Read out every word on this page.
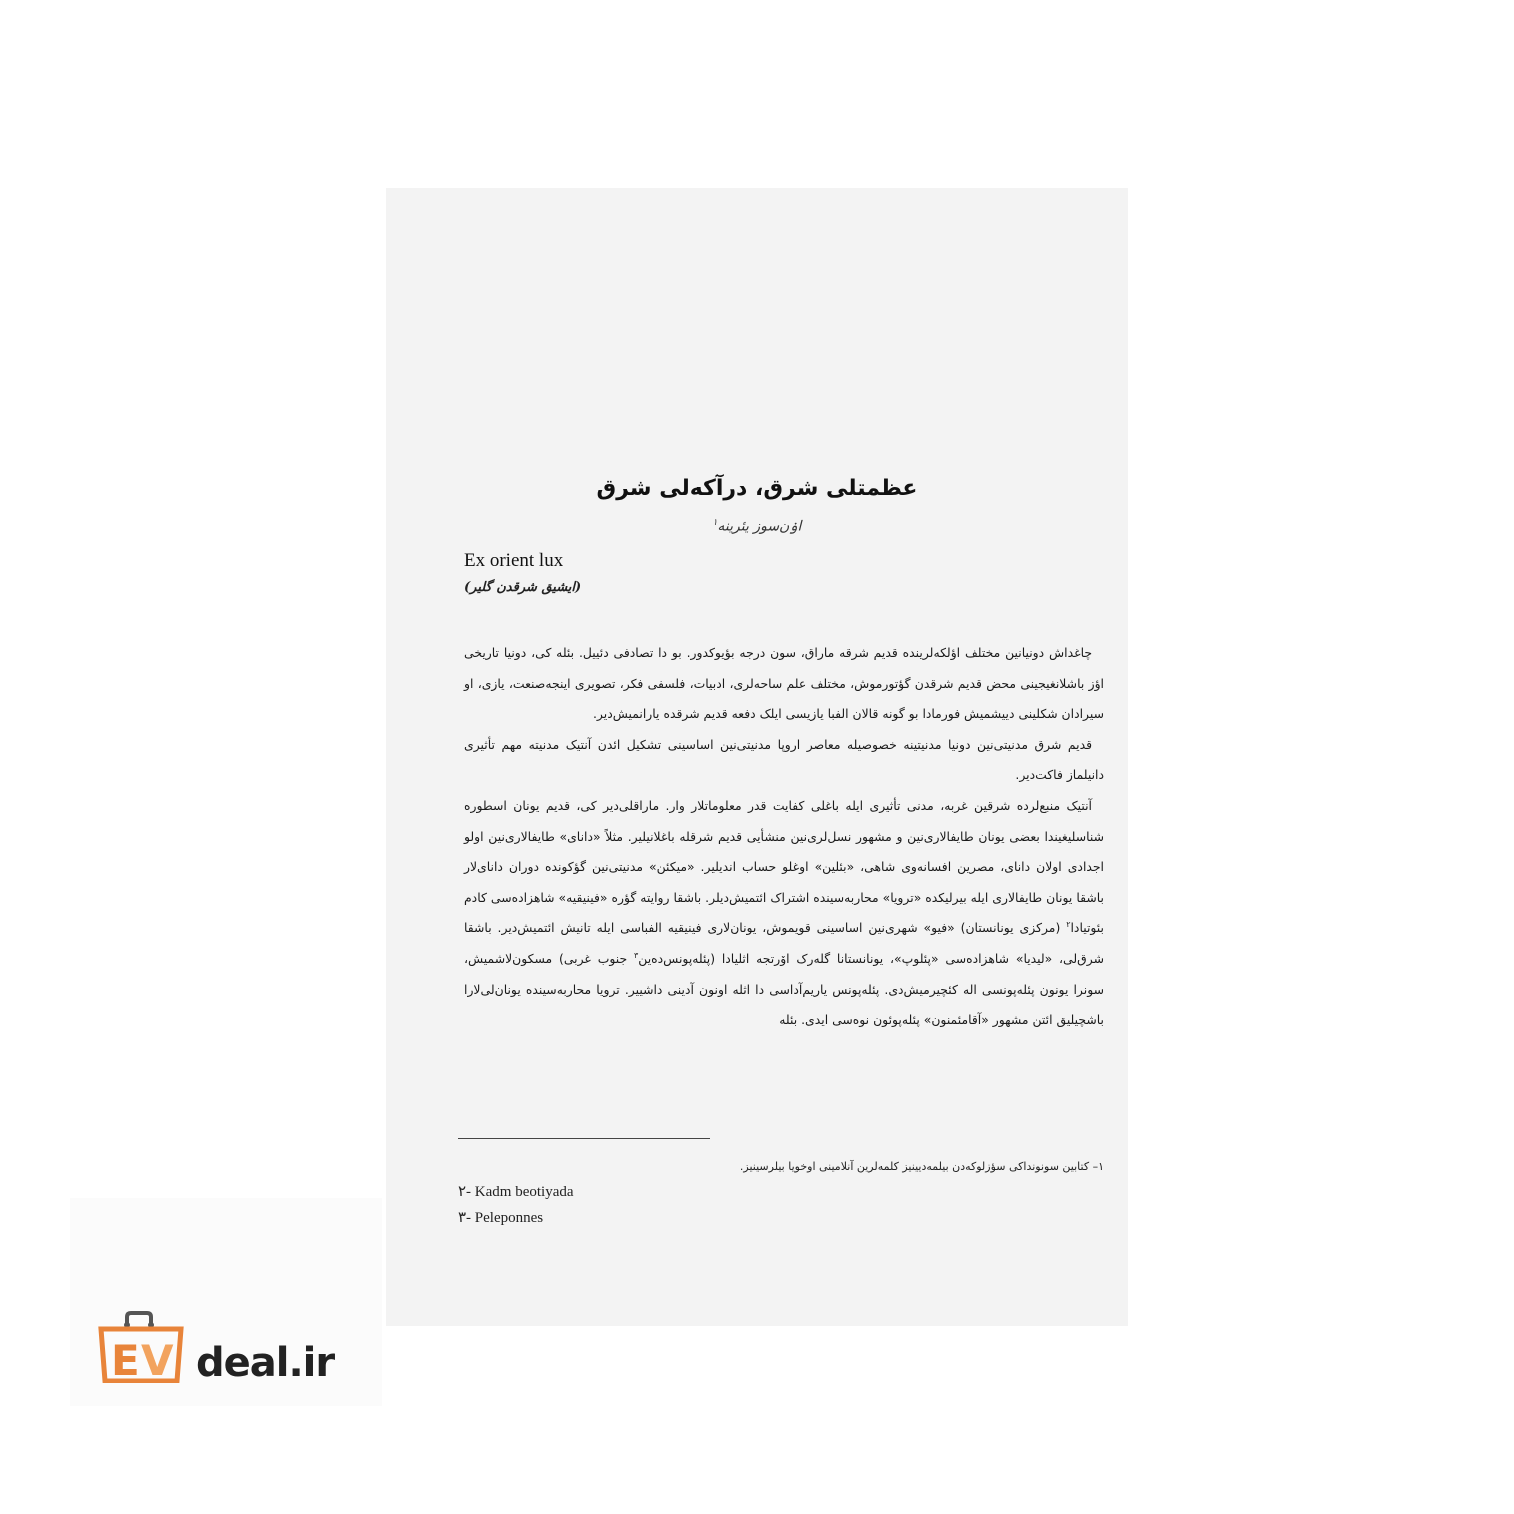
عظمتلی شرق، درآکه‌لی شرق
اۏن‌سوز یئرینه$^۱$
Ex orient lux
(ایشیق شرقدن گلیر)

چاغداش دونیانین مختلف اؤلکه‌لرینده قدیم شرقه ماراق، سون درجه بؤیوکدور. بو دا تصادفی دئییل. بئله کی، دونیا تاریخی اؤز باشلانغیجینی محض قدیم شرقدن گؤتورموش، مختلف علم ساحه‌لری، ادبیات، فلسفی فکر، تصویری اینجه‌صنعت، یازی، او سیرادان شکلینی دییشمیش فورمادا بو گونه قالان الفبا یازیسی ایلک دفعه قدیم شرقده یارانمیش‌دیر.

قدیم شرق مدنیتی‌نین دونیا مدنیتینه خصوصیله معاصر اروپا مدنیتی‌نین اساسینی تشکیل ائدن آنتیک مدنیته مهم تأثیری دانیلماز فاکت‌دیر.

آنتیک منبع‌لرده شرقین غربه، مدنی تأثیری ایله باغلی کفایت قدر معلوماتلار وار. ماراقلی‌دیر کی، قدیم یونان اسطوره شناسلیغیندا بعضی یونان طایفالاری‌نین و مشهور نسل‌لری‌نین منشأیی قدیم شرقله باغلانیلیر. مثلاً «دانای» طایفالاری‌نین اولو اجدادی اولان دانای، مصرین افسانه‌وی شاهی، «بئلین» اوغلو حساب اندیلیر. «میکئن» مدنیتی‌نین گؤکونده دوران دانای‌لار باشقا یونان طایفالاری ایله بیرلیکده «ترویا» محاربه‌سینده اشتراک ائتمیش‌دیلر. باشقا روایته گؤره «فینیقیه» شاهزاده‌سی کادم بئوتیادا$^۲$ (مرکزی یونانستان) «فیو» شهری‌نین اساسینی قویموش، یونان‌لاری فینیقیه الفباسی ایله تانیش ائتمیش‌دیر. باشقا شرق‌لی، «لیدیا» شاهزاده‌سی «پئلوپ»، یونانستانا گله‌رک اۆرتجه اثلیادا (پئله‌پونس‌ده‌ین$^۳$ جنوب غربی) مسکون‌لاشمیش، سونرا یونون پئله‌پونسی اله کئچیرمیش‌دی. پئله‌پونس یاریم‌آداسی دا اثله اونون آدینی داشییر. ترویا محاربه‌سینده یونان‌لی‌لارا باشچیلیق ائتن مشهور «آقامئمنون» پئله‌پوئون نوه‌سی ایدی. بئله

۱– کتابین سونوندا‌کی سؤزلوکه‌دن بیلمه‌دیینیز کلمه‌لرین آنلامینی اوخویا بیلرسینیز.
۲- Kadm beotiyada
۳- Peleponnes
E V deal.ir
